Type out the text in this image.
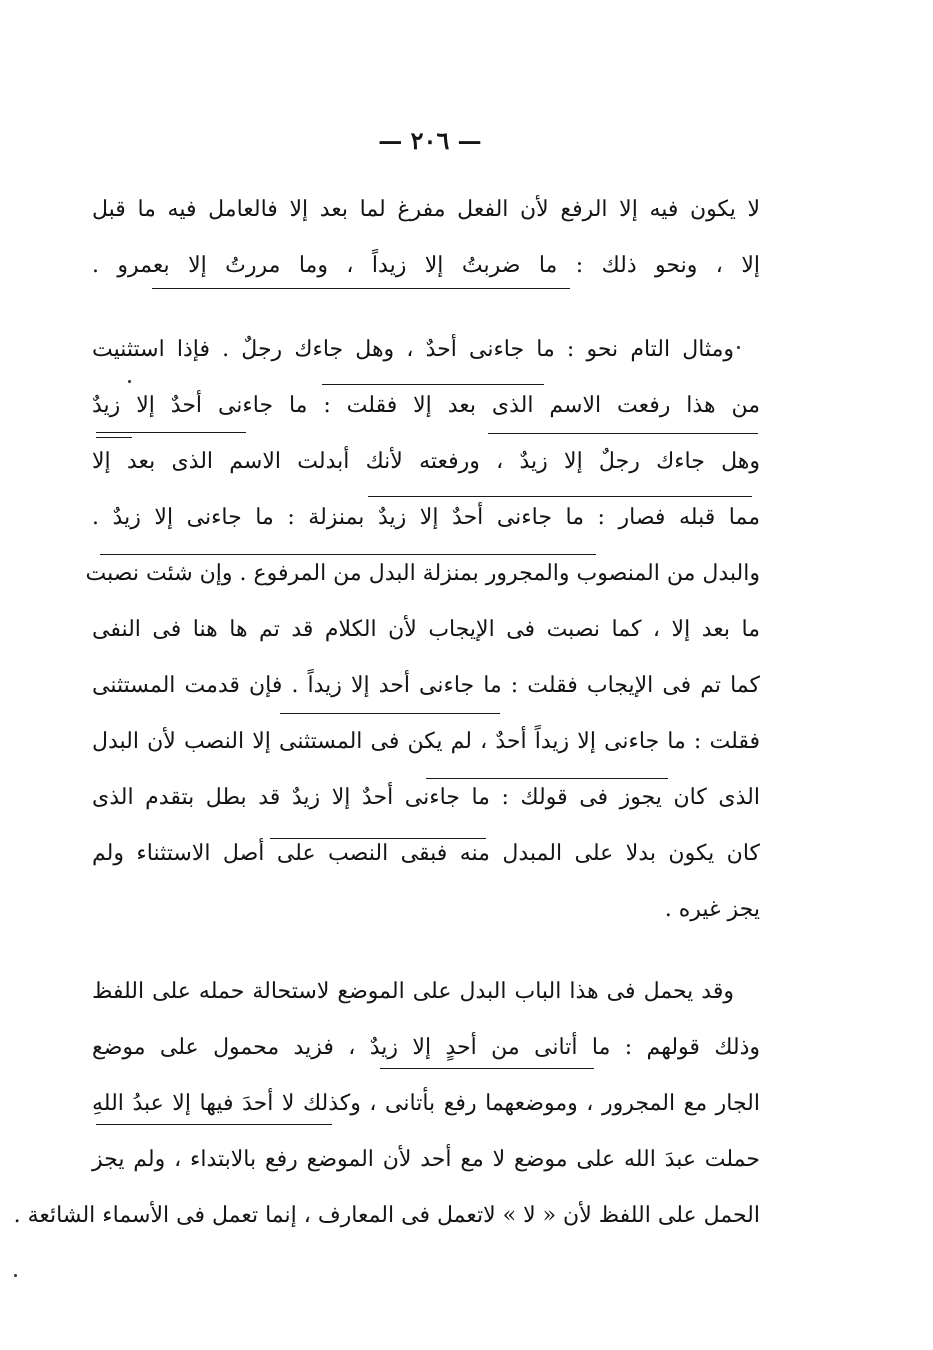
— ٢٠٦ —
لا يكون فيه إلا الرفع لأن الفعل مفرغ لما بعد إلا فالعامل فيه ما قبل
إلا ، ونحو ذلك : ما ضربتُ إلا زيداً ، وما مررتُ إلا بعمرو .
ومثال التام نحو : ما جاءنى أحدٌ ، وهل جاءك رجلٌ . فإذا استثنيت
من هذا رفعت الاسم الذى بعد إلا فقلت : ما جاءنى أحدٌ إلا زيدٌ
وهل جاءك رجلٌ إلا زيدٌ ، ورفعته لأنك أبدلت الاسم الذى بعد إلا
مما قبله فصار : ما جاءنى أحدٌ إلا زيدٌ بمنزلة : ما جاءنى إلا زيدٌ .
والبدل من المنصوب والمجرور بمنزلة البدل من المرفوع . وإن شئت نصبت
ما بعد إلا ، كما نصبت فى الإيجاب لأن الكلام قد تم ها هنا فى النفى
كما تم فى الإيجاب فقلت : ما جاءنى أحد إلا زيداً . فإن قدمت المستثنى
فقلت : ما جاءنى إلا زيداً أحدٌ ، لم يكن فى المستثنى إلا النصب لأن البدل
الذى كان يجوز فى قولك : ما جاءنى أحدٌ إلا زيدٌ قد بطل بتقدم الذى
كان يكون بدلا على المبدل منه فبقى النصب على أصل الاستثناء ولم
يجز غيره .
وقد يحمل فى هذا الباب البدل على الموضع لاستحالة حمله على اللفظ
وذلك قولهم : ما أتانى من أحدٍ إلا زيدٌ ، فزيد محمول على موضع
الجار مع المجرور ، وموضعهما رفع بأتانى ، وكذلك لا أحدَ فيها إلا عبدُ اللهِ
حملت عبدَ الله على موضع لا مع أحد لأن الموضع رفع بالابتداء ، ولم يجز
الحمل على اللفظ لأن « لا » لاتعمل فى المعارف ، إنما تعمل فى الأسماء الشائعة .
